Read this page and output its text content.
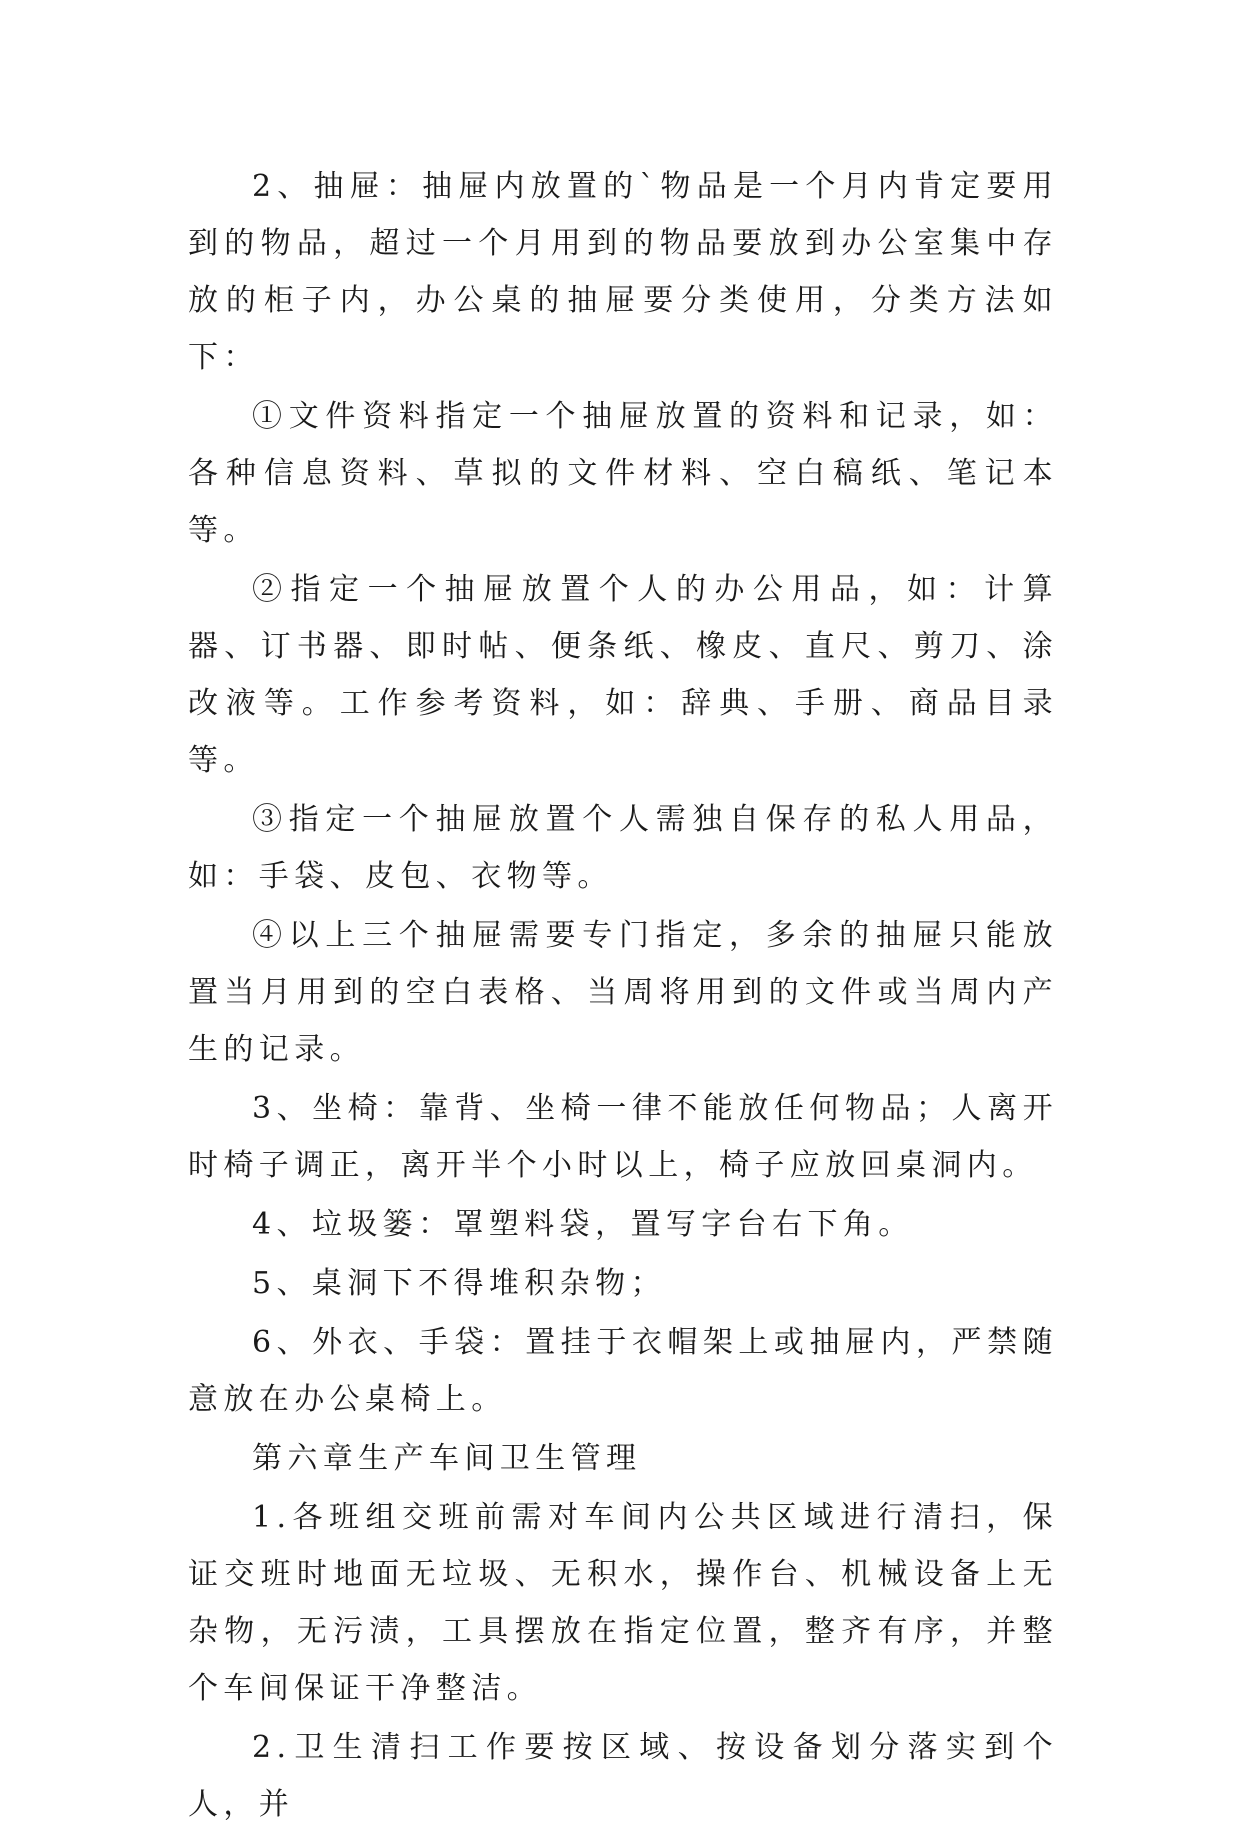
2、抽屉：抽屉内放置的`物品是一个月内肯定要用到的物品，超过一个月用到的物品要放到办公室集中存放的柜子内，办公桌的抽屉要分类使用，分类方法如下：

①文件资料指定一个抽屉放置的资料和记录，如：各种信息资料、草拟的文件材料、空白稿纸、笔记本等。

②指定一个抽屉放置个人的办公用品，如：计算器、订书器、即时帖、便条纸、橡皮、直尺、剪刀、涂改液等。工作参考资料，如：辞典、手册、商品目录等。

③指定一个抽屉放置个人需独自保存的私人用品，如：手袋、皮包、衣物等。

④以上三个抽屉需要专门指定，多余的抽屉只能放置当月用到的空白表格、当周将用到的文件或当周内产生的记录。

3、坐椅：靠背、坐椅一律不能放任何物品；人离开时椅子调正，离开半个小时以上，椅子应放回桌洞内。

4、垃圾篓：罩塑料袋，置写字台右下角。

5、桌洞下不得堆积杂物；

6、外衣、手袋：置挂于衣帽架上或抽屉内，严禁随意放在办公桌椅上。

第六章生产车间卫生管理

1.各班组交班前需对车间内公共区域进行清扫，保证交班时地面无垃圾、无积水，操作台、机械设备上无杂物，无污渍，工具摆放在指定位置，整齐有序，并整个车间保证干净整洁。

2.卫生清扫工作要按区域、按设备划分落实到个人，并
